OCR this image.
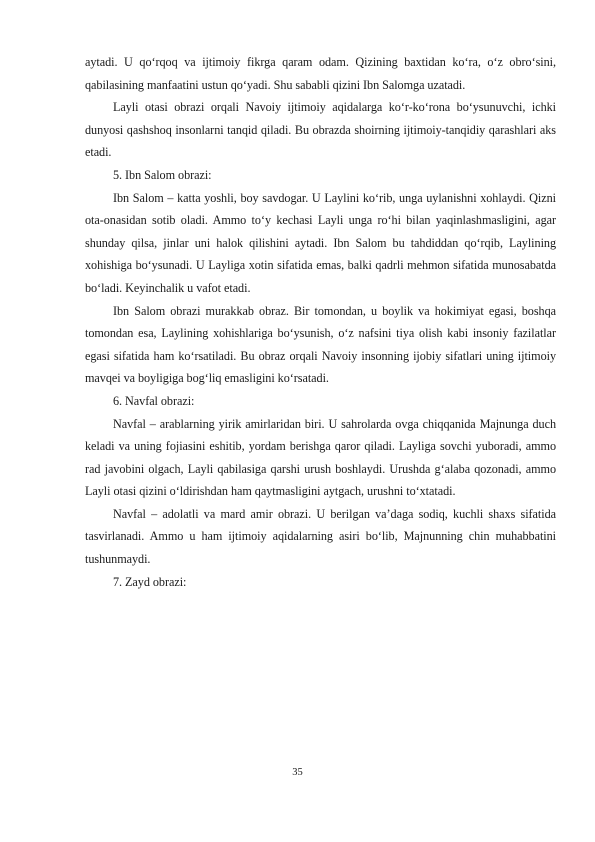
aytadi. U qo‘rqoq va ijtimoiy fikrga qaram odam. Qizining baxtidan ko‘ra, o‘z obro‘sini, qabilasining manfaatini ustun qo‘yadi. Shu sababli qizini Ibn Salomga uzatadi.

Layli otasi obrazi orqali Navoiy ijtimoiy aqidalarga ko‘r-ko‘rona bo‘ysunuvchi, ichki dunyosi qashshoq insonlarni tanqid qiladi. Bu obrazda shoirning ijtimoiy-tanqidiy qarashlari aks etadi.

5. Ibn Salom obrazi:

Ibn Salom – katta yoshli, boy savdogar. U Laylini ko‘rib, unga uylanishni xohlaydi. Qizni ota-onasidan sotib oladi. Ammo to‘y kechasi Layli unga ro‘hi bilan yaqinlashmasligini, agar shunday qilsa, jinlar uni halok qilishini aytadi. Ibn Salom bu tahdiddan qo‘rqib, Laylining xohishiga bo‘ysunadi. U Layliga xotin sifatida emas, balki qadrli mehmon sifatida munosabatda bo‘ladi. Keyinchalik u vafot etadi.

Ibn Salom obrazi murakkab obraz. Bir tomondan, u boylik va hokimiyat egasi, boshqa tomondan esa, Laylining xohishlariga bo‘ysunish, o‘z nafsini tiya olish kabi insoniy fazilatlar egasi sifatida ham ko‘rsatiladi. Bu obraz orqali Navoiy insonning ijobiy sifatlari uning ijtimoiy mavqei va boyligiga bog‘liq emasligini ko‘rsatadi.

6. Navfal obrazi:

Navfal – arablarning yirik amirlaridan biri. U sahrolarda ovga chiqqanida Majnunga duch keladi va uning fojiasini eshitib, yordam berishga qaror qiladi. Layliga sovchi yuboradi, ammo rad javobini olgach, Layli qabilasiga qarshi urush boshlaydi. Urushda g‘alaba qozonadi, ammo Layli otasi qizini o‘ldirishdan ham qaytmasligini aytgach, urushni to‘xtatadi.

Navfal – adolatli va mard amir obrazi. U berilgan va’daga sodiq, kuchli shaxs sifatida tasvirlanadi. Ammo u ham ijtimoiy aqidalarning asiri bo‘lib, Majnunning chin muhabbatini tushunmaydi.

7. Zayd obrazi:

35
